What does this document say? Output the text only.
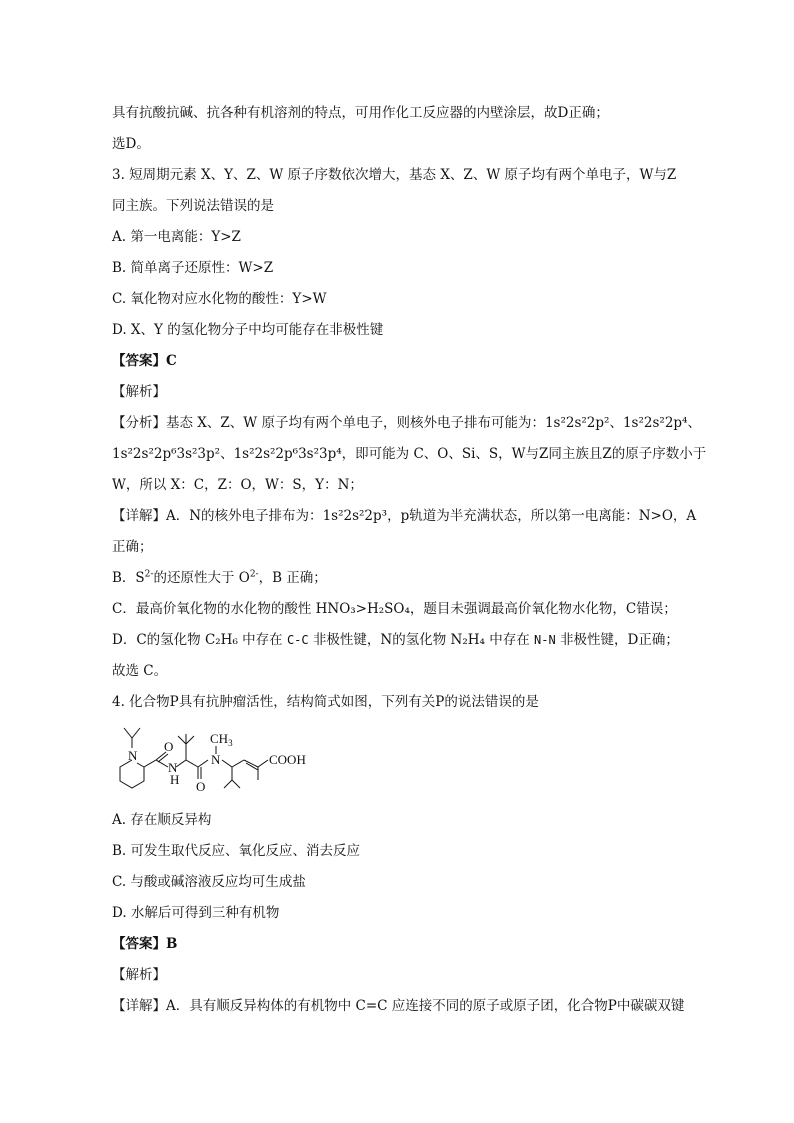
具有抗酸抗碱、抗各种有机溶剂的特点，可用作化工反应器的内壁涂层，故D正确；
选D。
3. 短周期元素 X、Y、Z、W 原子序数依次增大，基态 X、Z、W 原子均有两个单电子，W与Z
同主族。下列说法错误的是
A. 第一电离能：Y>Z
B. 简单离子还原性：W>Z
C. 氧化物对应水化物的酸性：Y>W
D. X、Y 的氢化物分子中均可能存在非极性键
【答案】C
【解析】
【分析】基态 X、Z、W 原子均有两个单电子，则核外电子排布可能为：1s²2s²2p²、1s²2s²2p⁴、
1s²2s²2p⁶3s²3p²、1s²2s²2p⁶3s²3p⁴，即可能为 C、O、Si、S，W与Z同主族且Z的原子序数小于
W，所以 X：C，Z：O，W：S，Y：N；
【详解】A．N的核外电子排布为：1s²2s²2p³，p轨道为半充满状态，所以第一电离能：N>O，A
正确；
B．$S^{2-}$的还原性大于 $O^{2-}$，B 正确；
C．最高价氧化物的水化物的酸性 HNO₃>H₂SO₄，题目未强调最高价氧化物水化物，C错误；
D．C的氢化物 C₂H₆ 中存在 C-C 非极性键，N的氢化物 N₂H₄ 中存在 N-N 非极性键，D正确；
故选 C。
4. 化合物P具有抗肿瘤活性，结构简式如图，下列有关P的说法错误的是
N
O
N
H O
N
$CH_3$
COOH
A. 存在顺反异构
B. 可发生取代反应、氧化反应、消去反应
C. 与酸或碱溶液反应均可生成盐
D. 水解后可得到三种有机物
【答案】B
【解析】
【详解】A．具有顺反异构体的有机物中 C=C 应连接不同的原子或原子团，化合物P中碳碳双键
